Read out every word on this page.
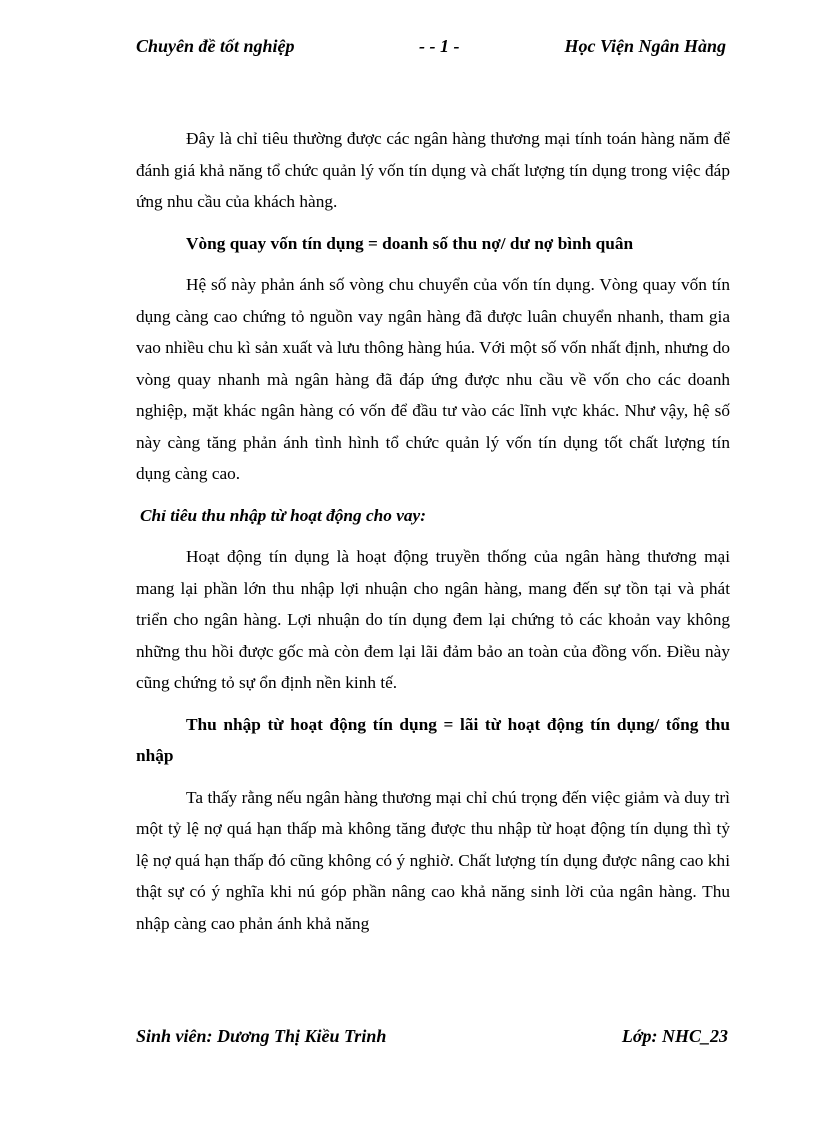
Chuyên đề tốt nghiệp	- - 1 -	Học Viện Ngân Hàng

Đây là chỉ tiêu thường được các ngân hàng thương mại tính toán hàng năm để đánh giá khả năng tổ chức quản lý vốn tín dụng và chất lượng tín dụng trong việc đáp ứng nhu cầu của khách hàng.

Vòng quay vốn tín dụng = doanh số thu nợ/ dư nợ bình quân

Hệ số này phản ánh số vòng chu chuyển của vốn tín dụng. Vòng quay vốn tín dụng càng cao chứng tỏ nguồn vay ngân hàng đã được luân chuyển nhanh, tham gia vao nhiều chu kì sản xuất và lưu thông hàng húa. Với một số vốn nhất định, nhưng do vòng quay nhanh mà ngân hàng đã đáp ứng được nhu cầu về vốn cho các doanh nghiệp, mặt khác ngân hàng có vốn để đầu tư vào các lĩnh vực khác. Như vậy, hệ số này càng tăng phản ánh tình hình tổ chức quản lý vốn tín dụng tốt chất lượng tín dụng càng cao.

Chỉ tiêu thu nhập từ hoạt động cho vay:

Hoạt động tín dụng là hoạt động truyền thống của ngân hàng thương mại mang lại phần lớn thu nhập lợi nhuận cho ngân hàng, mang đến sự tồn tại và phát triển cho ngân hàng. Lợi nhuận do tín dụng đem lại chứng tỏ các khoản vay không những thu hồi được gốc mà còn đem lại lãi đảm bảo an toàn của đồng vốn. Điều này cũng chứng tỏ sự ổn định nền kinh tế.

Thu nhập từ hoạt động tín dụng = lãi từ hoạt động tín dụng/ tổng thu nhập

Ta thấy rằng nếu ngân hàng thương mại chỉ chú trọng đến việc giảm và duy trì một tỷ lệ nợ quá hạn thấp mà không tăng được thu nhập từ hoạt động tín dụng thì tỷ lệ nợ quá hạn thấp đó cũng không có ý nghiờ. Chất lượng tín dụng được nâng cao khi thật sự có ý nghĩa khi nú góp phần nâng cao khả năng sinh lời của ngân hàng. Thu nhập càng cao phản ánh khả năng

Sinh viên: Dương Thị Kiều Trinh	Lớp: NHC_23
